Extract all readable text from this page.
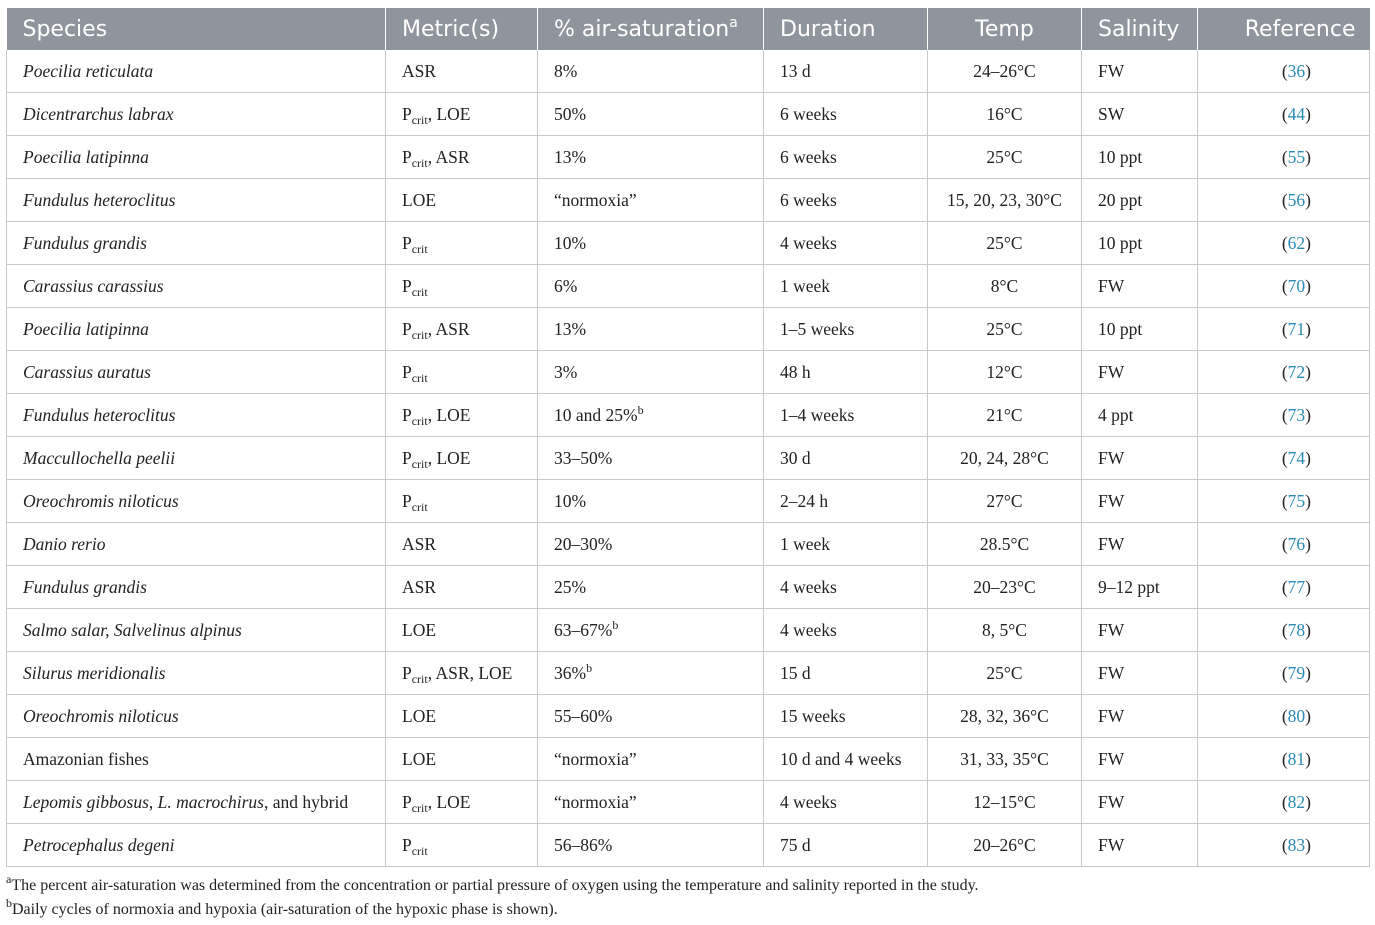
Species	Metric(s)	% air-saturation$^a$	Duration	Temp	Salinity	Reference
Poecilia reticulata	ASR	8%	13 d	24–26°C	FW	(36)
Dicentrarchus labrax	$P_{crit}$, LOE	50%	6 weeks	16°C	SW	(44)
Poecilia latipinna	$P_{crit}$, ASR	13%	6 weeks	25°C	10 ppt	(55)
Fundulus heteroclitus	LOE	“normoxia”	6 weeks	15, 20, 23, 30°C	20 ppt	(56)
Fundulus grandis	$P_{crit}$	10%	4 weeks	25°C	10 ppt	(62)
Carassius carassius	$P_{crit}$	6%	1 week	8°C	FW	(70)
Poecilia latipinna	$P_{crit}$, ASR	13%	1–5 weeks	25°C	10 ppt	(71)
Carassius auratus	$P_{crit}$	3%	48 h	12°C	FW	(72)
Fundulus heteroclitus	$P_{crit}$, LOE	10 and 25%$^b$	1–4 weeks	21°C	4 ppt	(73)
Maccullochella peelii	$P_{crit}$, LOE	33–50%	30 d	20, 24, 28°C	FW	(74)
Oreochromis niloticus	$P_{crit}$	10%	2–24 h	27°C	FW	(75)
Danio rerio	ASR	20–30%	1 week	28.5°C	FW	(76)
Fundulus grandis	ASR	25%	4 weeks	20–23°C	9–12 ppt	(77)
Salmo salar, Salvelinus alpinus	LOE	63–67%$^b$	4 weeks	8, 5°C	FW	(78)
Silurus meridionalis	$P_{crit}$, ASR, LOE	36%$^b$	15 d	25°C	FW	(79)
Oreochromis niloticus	LOE	55–60%	15 weeks	28, 32, 36°C	FW	(80)
Amazonian fishes	LOE	“normoxia”	10 d and 4 weeks	31, 33, 35°C	FW	(81)
Lepomis gibbosus, L. macrochirus, and hybrid	$P_{crit}$, LOE	“normoxia”	4 weeks	12–15°C	FW	(82)
Petrocephalus degeni	$P_{crit}$	56–86%	75 d	20–26°C	FW	(83)
$^a$The percent air-saturation was determined from the concentration or partial pressure of oxygen using the temperature and salinity reported in the study.
$^b$Daily cycles of normoxia and hypoxia (air-saturation of the hypoxic phase is shown).
